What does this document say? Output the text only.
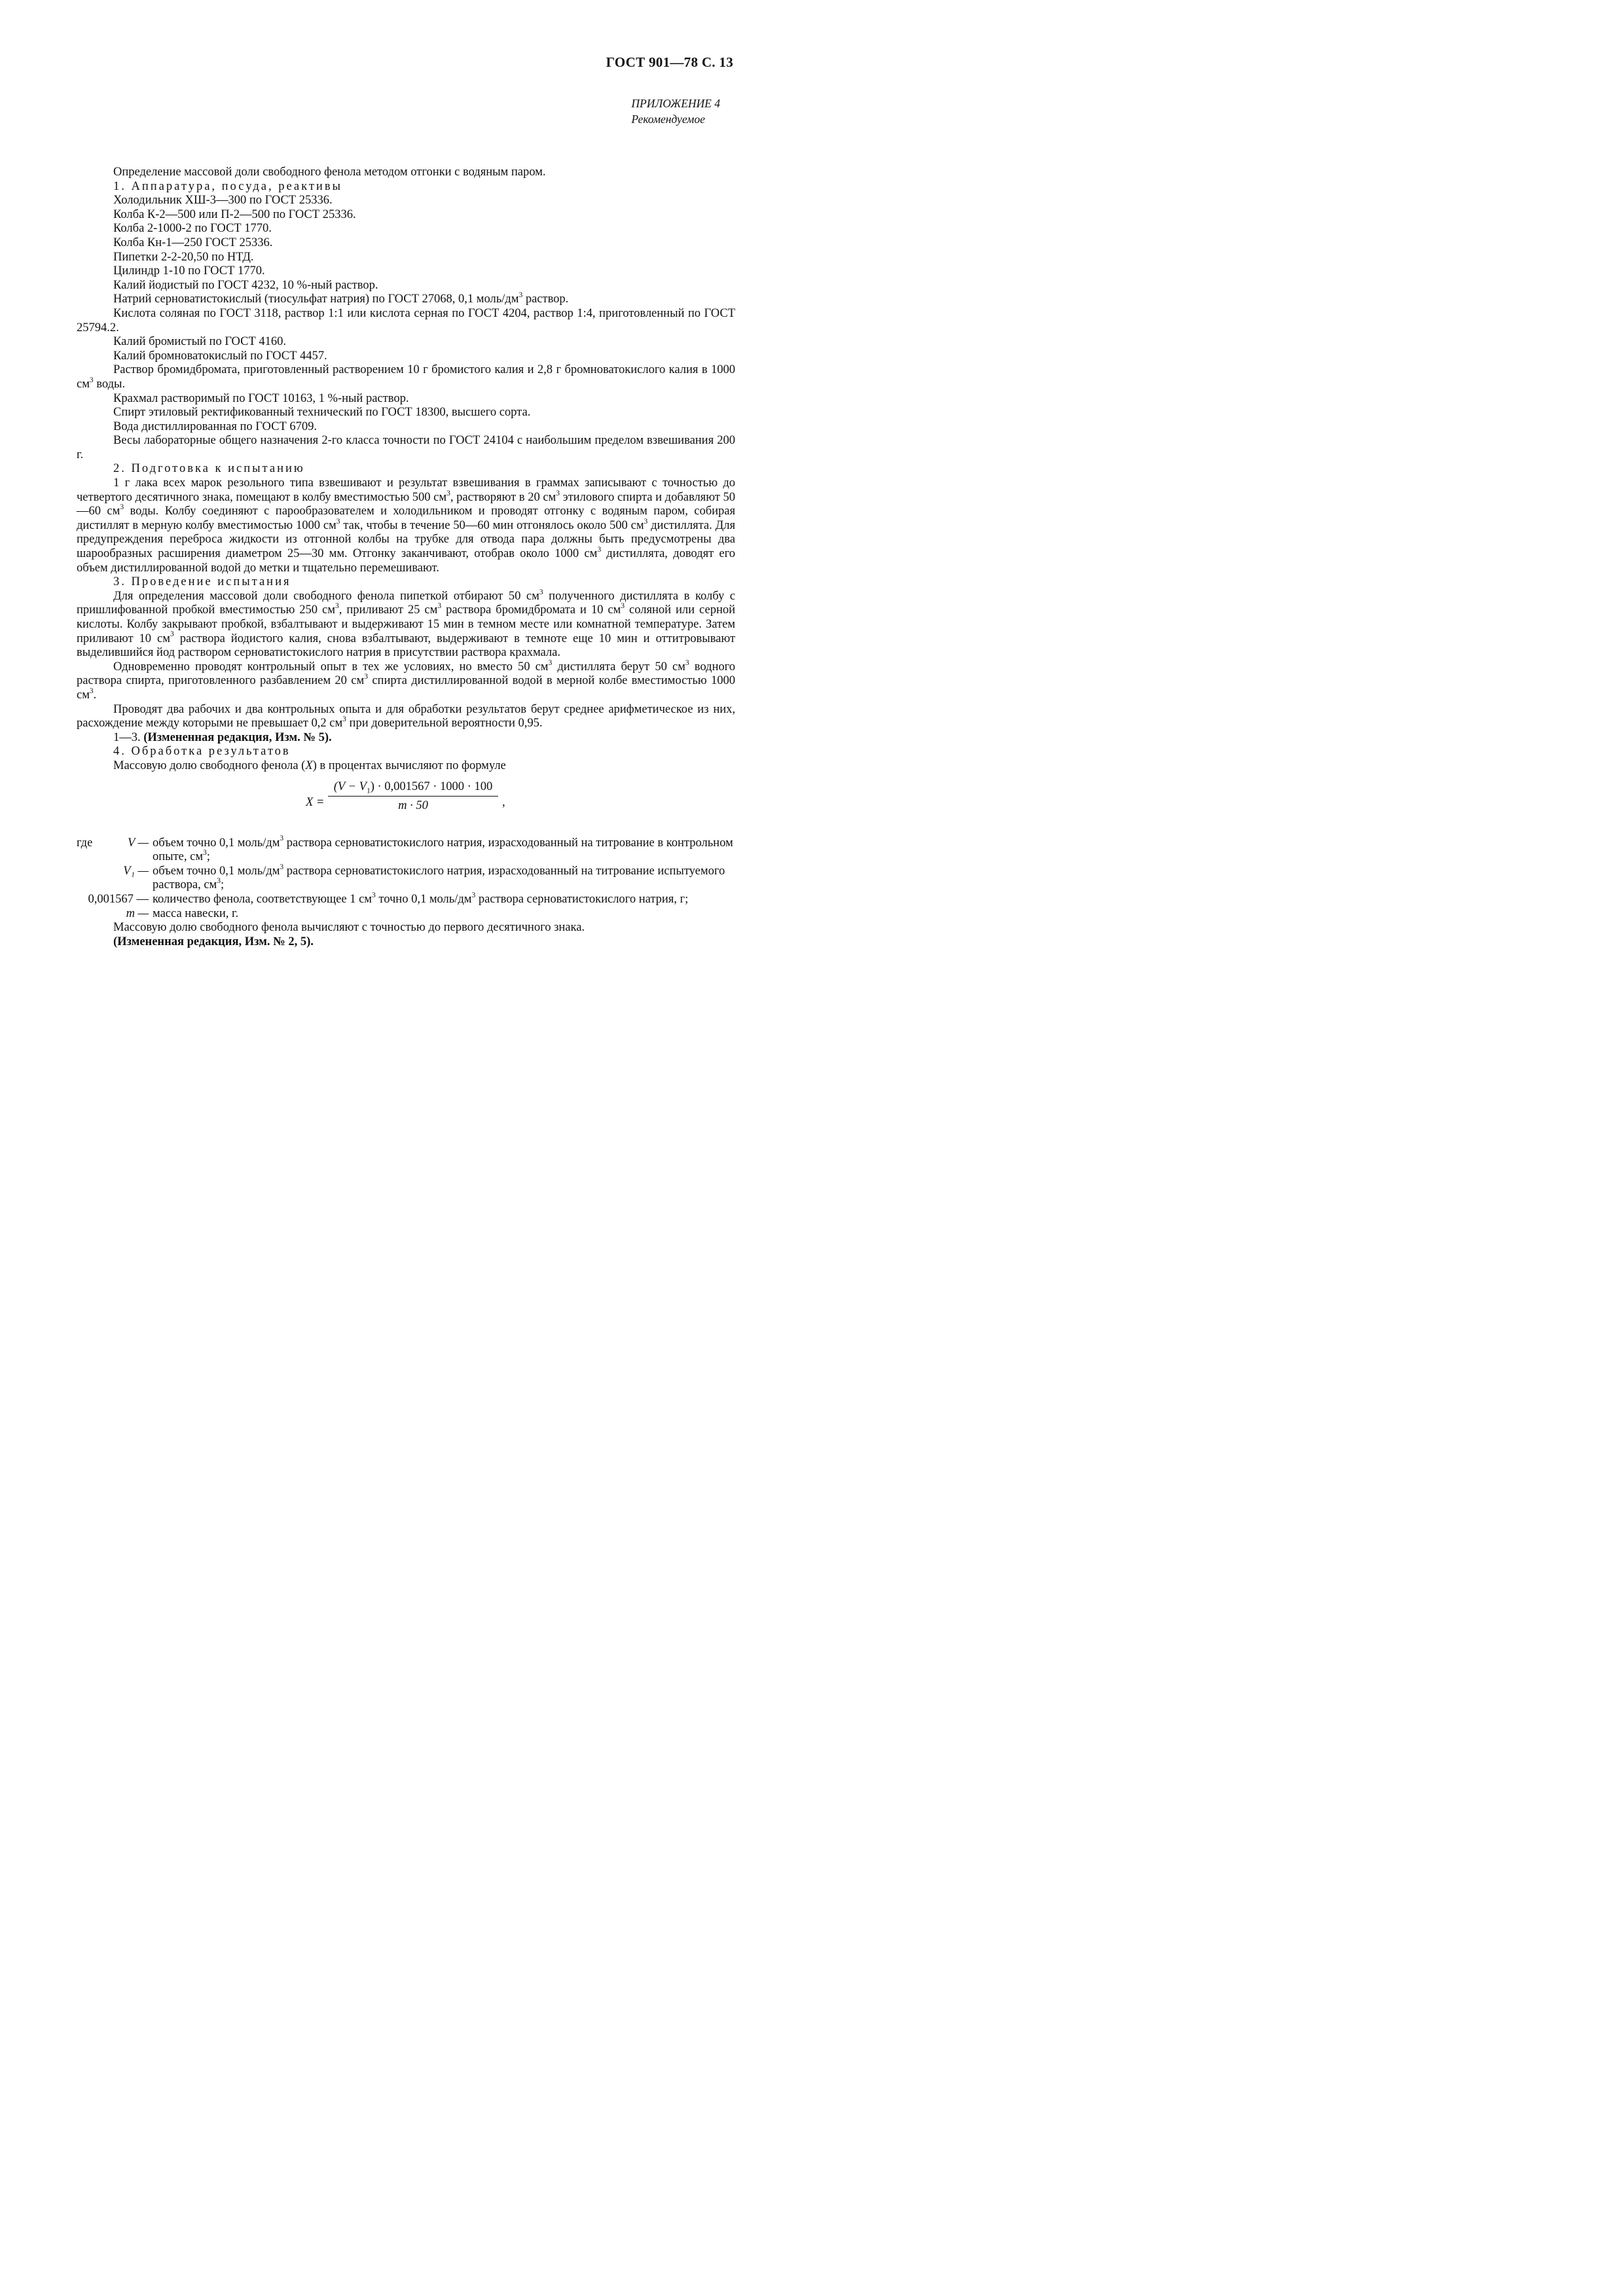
ГОСТ 901—78 С. 13
ПРИЛОЖЕНИЕ 4
Рекомендуемое

Определение массовой доли свободного фенола методом отгонки с водяным паром.

1. Аппаратура, посуда, реактивы

Холодильник ХШ-3—300 по ГОСТ 25336.

Колба К-2—500 или П-2—500 по ГОСТ 25336.

Колба 2-1000-2 по ГОСТ 1770.

Колба Кн-1—250 ГОСТ 25336.

Пипетки 2-2-20,50 по НТД.

Цилиндр 1-10 по ГОСТ 1770.

Калий йодистый по ГОСТ 4232, 10 %-ный раствор.

Натрий серноватистокислый (тиосульфат натрия) по ГОСТ 27068, 0,1 моль/$дм^3$ раствор.

Кислота соляная по ГОСТ 3118, раствор 1:1 или кислота серная по ГОСТ 4204, раствор 1:4, приготовленный по ГОСТ 25794.2.

Калий бромистый по ГОСТ 4160.

Калий бромноватокислый по ГОСТ 4457.

Раствор бромидброматa, приготовленный растворением 10 г бромистого калия и 2,8 г бромноватокислого калия в 1000 $см^3$ воды.

Крахмал растворимый по ГОСТ 10163, 1 %-ный раствор.

Спирт этиловый ректификованный технический по ГОСТ 18300, высшего сорта.

Вода дистиллированная по ГОСТ 6709.

Весы лабораторные общего назначения 2-го класса точности по ГОСТ 24104 с наибольшим пределом взвешивания 200 г.

2. Подготовка к испытанию

1 г лака всех марок резольного типа взвешивают и результат взвешивания в граммах записывают с точностью до четвертого десятичного знака, помещают в колбу вместимостью 500 $см^3$, растворяют в 20 $см^3$ этилового спирта и добавляют 50—60 $см^3$ воды. Колбу соединяют с парообразователем и холодильником и проводят отгонку с водяным паром, собирая дистиллят в мерную колбу вместимостью 1000 $см^3$ так, чтобы в течение 50—60 мин отгонялось около 500 $см^3$ дистиллята. Для предупреждения переброса жидкости из отгонной колбы на трубке для отвода пара должны быть предусмотрены два шарообразных расширения диаметром 25—30 мм. Отгонку заканчивают, отобрав около 1000 $см^3$ дистиллята, доводят его объем дистиллированной водой до метки и тщательно перемешивают.

3. Проведение испытания

Для определения массовой доли свободного фенола пипеткой отбирают 50 $см^3$ полученного дистиллята в колбу с пришлифованной пробкой вместимостью 250 $см^3$, приливают 25 $см^3$ раствора бромидброматa и 10 $см^3$ соляной или серной кислоты. Колбу закрывают пробкой, взбалтывают и выдерживают 15 мин в темном месте или комнатной температуре. Затем приливают 10 $см^3$ раствора йодистого калия, снова взбалтывают, выдерживают в темноте еще 10 мин и оттитровывают выделившийся йод раствором серноватистокислого натрия в присутствии раствора крахмала.

Одновременно проводят контрольный опыт в тех же условиях, но вместо 50 $см^3$ дистиллята берут 50 $см^3$ водного раствора спирта, приготовленного разбавлением 20 $см^3$ спирта дистиллированной водой в мерной колбе вместимостью 1000 $см^3$.

Проводят два рабочих и два контрольных опыта и для обработки результатов берут среднее арифметическое из них, расхождение между которыми не превышает 0,2 $см^3$ при доверительной вероятности 0,95.

1—3. (Измененная редакция, Изм. № 5).

4. Обработка результатов

Массовую долю свободного фенола (X) в процентах вычисляют по формуле

$X = \frac{(V - V_1) \cdot 0,001567 \cdot 1000 \cdot 100}{m \cdot 50}$ ,
где	V — объем точно 0,1 моль/$дм^3$ раствора серноватистокислого натрия, израсходованный на титрование в контрольном опыте, $см^3$;
V₁ — объем точно 0,1 моль/$дм^3$ раствора серноватистокислого натрия, израсходованный на титрование испытуемого раствора, $см^3$;
0,001567 — количество фенола, соответствующее 1 $см^3$ точно 0,1 моль/$дм^3$ раствора серноватистокислого натрия, г;
m — масса навески, г.

Массовую долю свободного фенола вычисляют с точностью до первого десятичного знака.

(Измененная редакция, Изм. № 2, 5).
